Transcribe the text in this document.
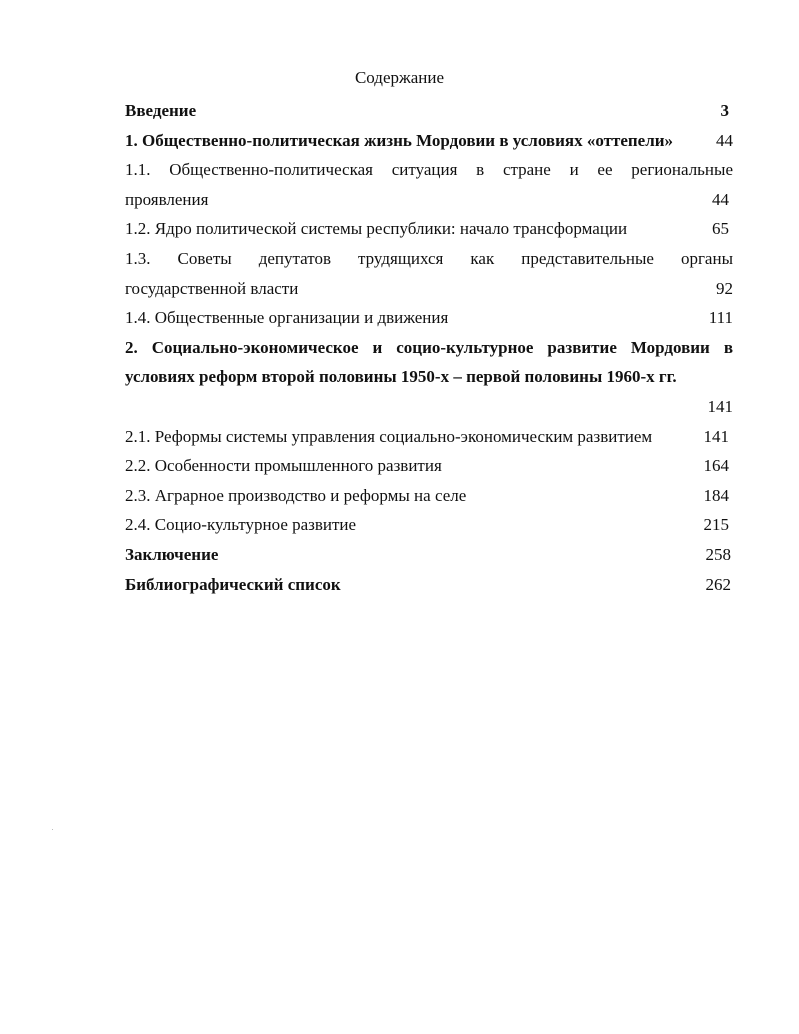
Содержание
Введение	3
1. Общественно-политическая жизнь Мордовии в условиях «оттепели»	44
1.1. Общественно-политическая ситуация в стране и ее региональные
проявления	44
1.2. Ядро политической системы республики: начало трансформации	65
1.3. Советы депутатов трудящихся как представительные органы
государственной власти	92
1.4. Общественные организации и движения	111
2. Социально-экономическое и социо-культурное развитие Мордовии в
условиях реформ второй половины 1950-х – первой половины 1960-х гг.
141
2.1. Реформы системы управления социально-экономическим развитием	141
2.2. Особенности промышленного развития	164
2.3. Аграрное производство и реформы на селе	184
2.4. Социо-культурное развитие	215
Заключение	258
Библиографический список	262
